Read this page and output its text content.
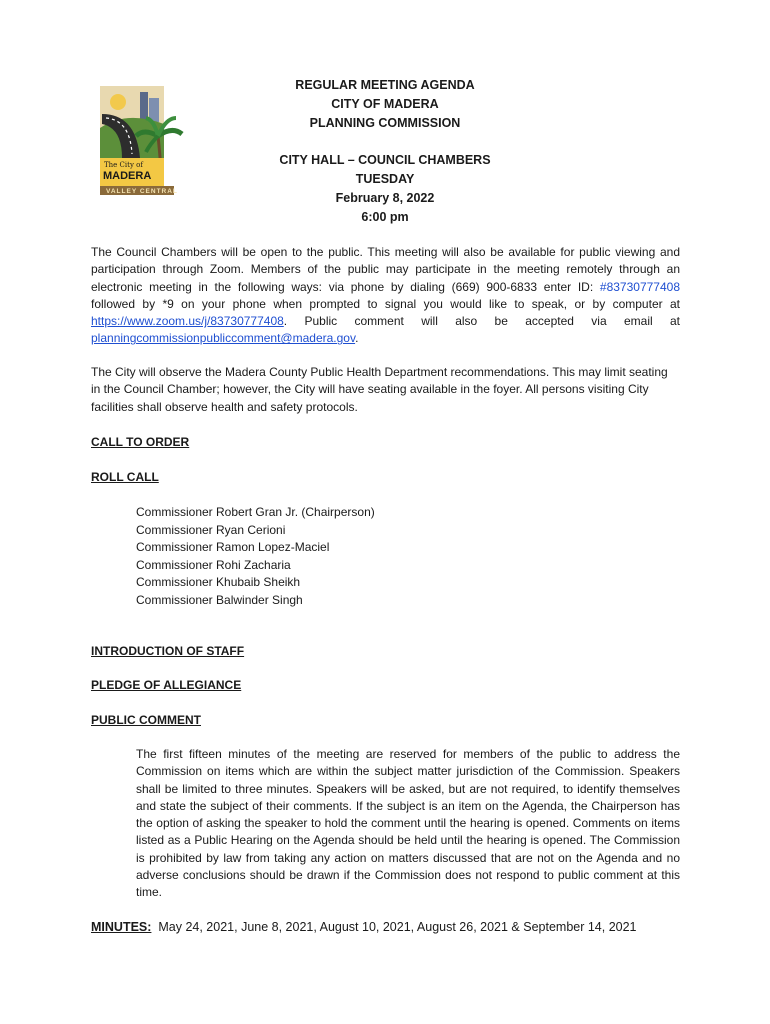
The City of
MADERA
VALLEY CENTRAL
REGULAR MEETING AGENDA
CITY OF MADERA
PLANNING COMMISSION
CITY HALL – COUNCIL CHAMBERS
TUESDAY
February 8, 2022
6:00 pm
The Council Chambers will be open to the public. This meeting will also be available for public viewing and participation through Zoom. Members of the public may participate in the meeting remotely through an electronic meeting in the following ways: via phone by dialing (669) 900-6833 enter ID: #83730777408 followed by *9 on your phone when prompted to signal you would like to speak, or by computer at https://www.zoom.us/j/83730777408. Public comment will also be accepted via email at planningcommissionpubliccomment@madera.gov.
The City will observe the Madera County Public Health Department recommendations. This may limit seating in the Council Chamber; however, the City will have seating available in the foyer. All persons visiting City facilities shall observe health and safety protocols.
CALL TO ORDER
ROLL CALL
Commissioner Robert Gran Jr. (Chairperson)
Commissioner Ryan Cerioni
Commissioner Ramon Lopez-Maciel
Commissioner Rohi Zacharia
Commissioner Khubaib Sheikh
Commissioner Balwinder Singh
INTRODUCTION OF STAFF
PLEDGE OF ALLEGIANCE
PUBLIC COMMENT
The first fifteen minutes of the meeting are reserved for members of the public to address the Commission on items which are within the subject matter jurisdiction of the Commission. Speakers shall be limited to three minutes. Speakers will be asked, but are not required, to identify themselves and state the subject of their comments. If the subject is an item on the Agenda, the Chairperson has the option of asking the speaker to hold the comment until the hearing is opened. Comments on items listed as a Public Hearing on the Agenda should be held until the hearing is opened. The Commission is prohibited by law from taking any action on matters discussed that are not on the Agenda and no adverse conclusions should be drawn if the Commission does not respond to public comment at this time.
MINUTES: May 24, 2021, June 8, 2021, August 10, 2021, August 26, 2021 & September 14, 2021
